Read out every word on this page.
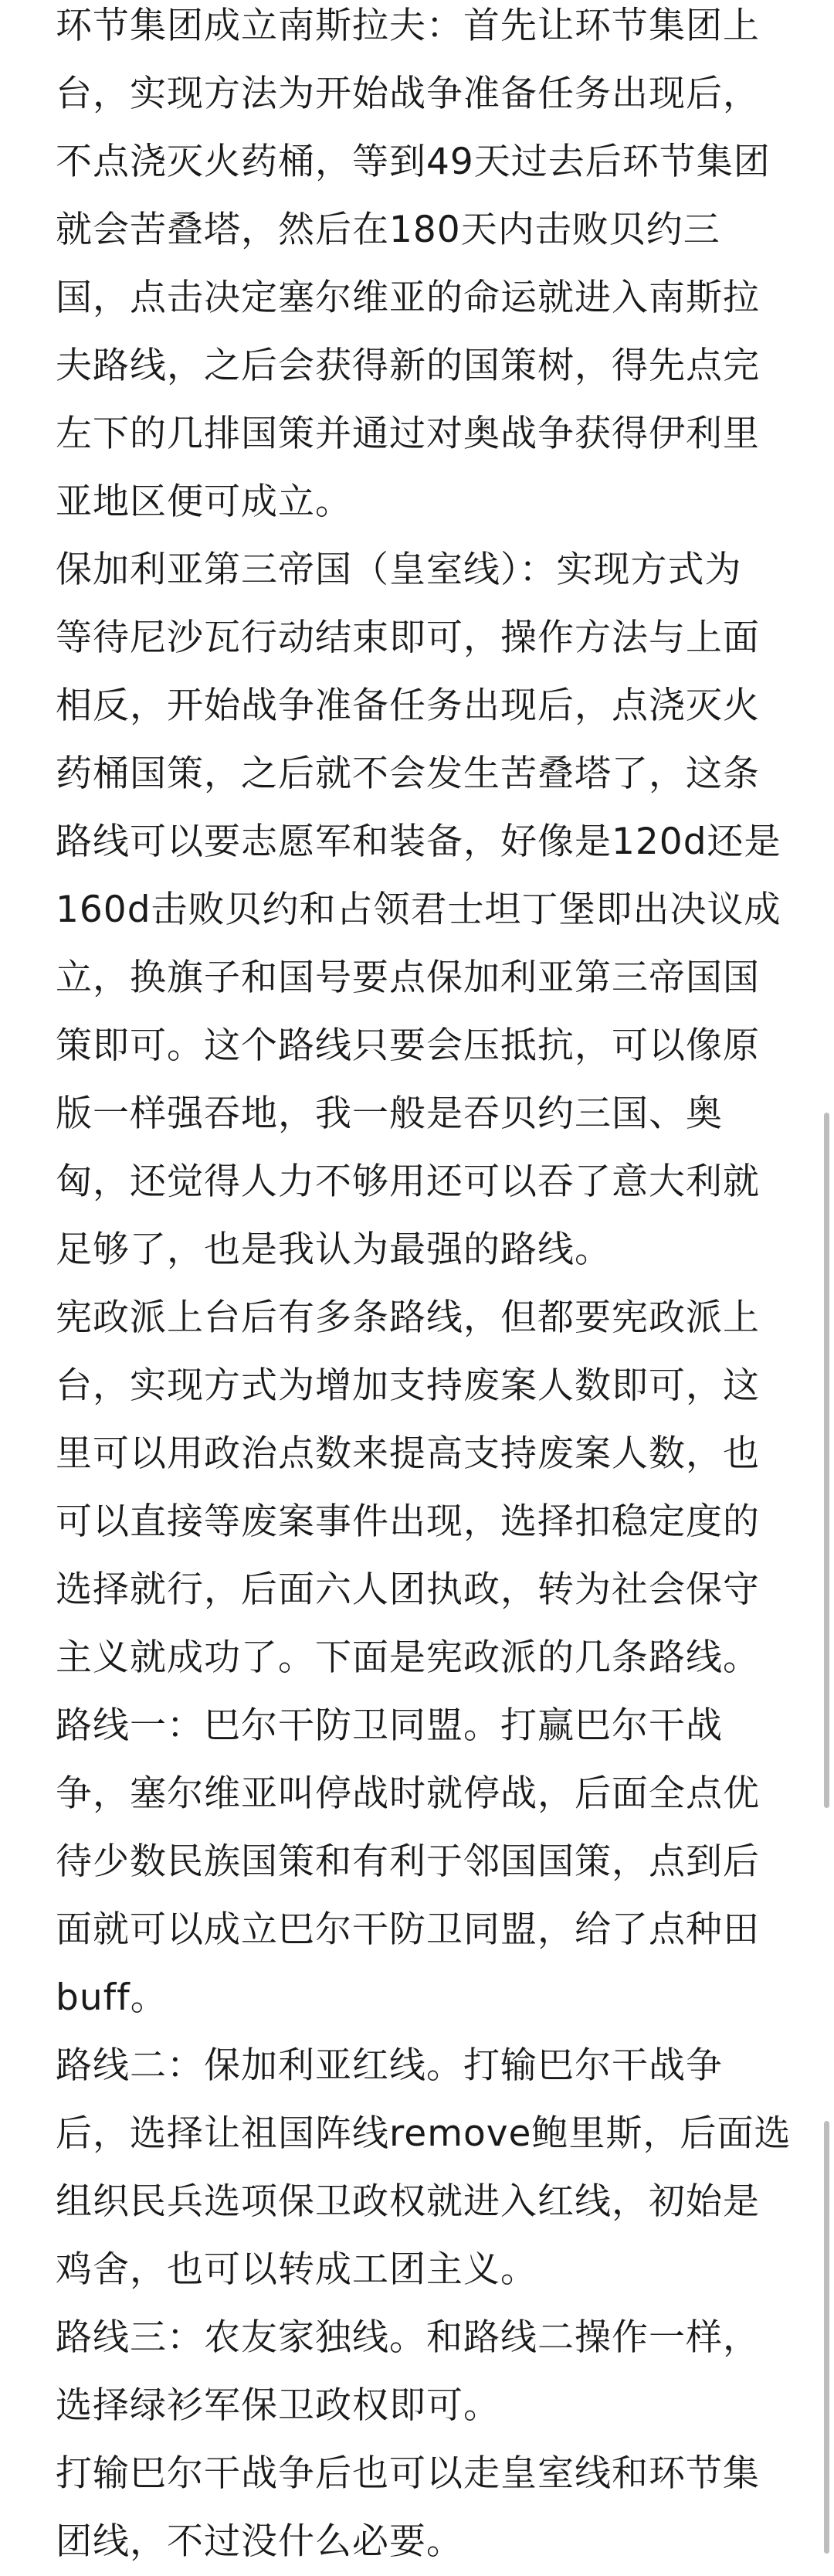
环节集团成立南斯拉夫：首先让环节集团上
台，实现方法为开始战争准备任务出现后，
不点浇灭火药桶，等到49天过去后环节集团
就会苦叠塔，然后在180天内击败贝约三
国，点击决定塞尔维亚的命运就进入南斯拉
夫路线，之后会获得新的国策树，得先点完
左下的几排国策并通过对奥战争获得伊利里
亚地区便可成立。
保加利亚第三帝国（皇室线）：实现方式为
等待尼沙瓦行动结束即可，操作方法与上面
相反，开始战争准备任务出现后，点浇灭火
药桶国策，之后就不会发生苦叠塔了，这条
路线可以要志愿军和装备，好像是120d还是
160d击败贝约和占领君士坦丁堡即出决议成
立，换旗子和国号要点保加利亚第三帝国国
策即可。这个路线只要会压抵抗，可以像原
版一样强吞地，我一般是吞贝约三国、奥
匈，还觉得人力不够用还可以吞了意大利就
足够了，也是我认为最强的路线。
宪政派上台后有多条路线，但都要宪政派上
台，实现方式为增加支持废案人数即可，这
里可以用政治点数来提高支持废案人数，也
可以直接等废案事件出现，选择扣稳定度的
选择就行，后面六人团执政，转为社会保守
主义就成功了。下面是宪政派的几条路线。
路线一：巴尔干防卫同盟。打赢巴尔干战
争，塞尔维亚叫停战时就停战，后面全点优
待少数民族国策和有利于邻国国策，点到后
面就可以成立巴尔干防卫同盟，给了点种田
buff。
路线二：保加利亚红线。打输巴尔干战争
后，选择让祖国阵线remove鲍里斯，后面选
组织民兵选项保卫政权就进入红线，初始是
鸡舍，也可以转成工团主义。
路线三：农友家独线。和路线二操作一样，
选择绿衫军保卫政权即可。
打输巴尔干战争后也可以走皇室线和环节集
团线，不过没什么必要。
